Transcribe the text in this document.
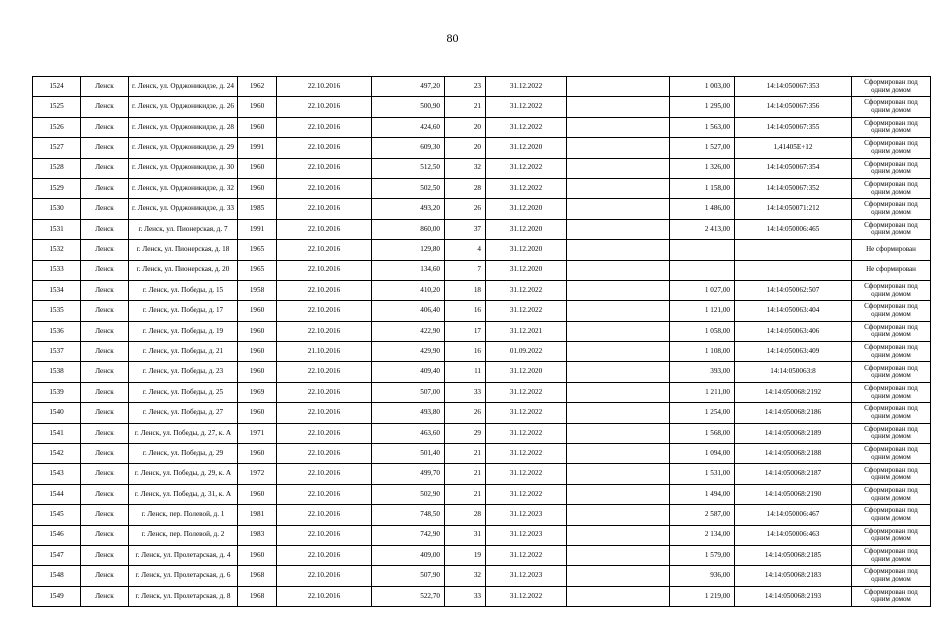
80
1524	Ленск	г. Ленск, ул. Орджоникидзе, д. 24	1962	22.10.2016	497,20	23	31.12.2022		1 003,00	14:14:050067:353	Сформирован под одним домом
1525	Ленск	г. Ленск, ул. Орджоникидзе, д. 26	1960	22.10.2016	500,90	21	31.12.2022		1 295,00	14:14:050067:356	Сформирован под одним домом
1526	Ленск	г. Ленск, ул. Орджоникидзе, д. 28	1960	22.10.2016	424,60	20	31.12.2022		1 563,00	14:14:050067:355	Сформирован под одним домом
1527	Ленск	г. Ленск, ул. Орджоникидзе, д. 29	1991	22.10.2016	609,30	20	31.12.2020		1 527,00	1,41405E+12	Сформирован под одним домом
1528	Ленск	г. Ленск, ул. Орджоникидзе, д. 30	1960	22.10.2016	512,50	32	31.12.2022		1 326,00	14:14:050067:354	Сформирован под одним домом
1529	Ленск	г. Ленск, ул. Орджоникидзе, д. 32	1960	22.10.2016	502,50	28	31.12.2022		1 158,00	14:14:050067:352	Сформирован под одним домом
1530	Ленск	г. Ленск, ул. Орджоникидзе, д. 33	1985	22.10.2016	493,20	26	31.12.2020		1 486,00	14:14:050071:212	Сформирован под одним домом
1531	Ленск	г. Ленск, ул. Пионерская, д. 7	1991	22.10.2016	860,00	37	31.12.2020		2 413,00	14:14:050006:465	Сформирован под одним домом
1532	Ленск	г. Ленск, ул. Пионерская, д. 18	1965	22.10.2016	129,80	4	31.12.2020				Не сформирован
1533	Ленск	г. Ленск, ул. Пионерская, д. 20	1965	22.10.2016	134,60	7	31.12.2020				Не сформирован
1534	Ленск	г. Ленск, ул. Победы, д. 15	1958	22.10.2016	410,20	18	31.12.2022		1 027,00	14:14:050062:507	Сформирован под одним домом
1535	Ленск	г. Ленск, ул. Победы, д. 17	1960	22.10.2016	406,40	16	31.12.2022		1 121,00	14:14:050063:404	Сформирован под одним домом
1536	Ленск	г. Ленск, ул. Победы, д. 19	1960	22.10.2016	422,90	17	31.12.2021		1 058,00	14:14:050063:406	Сформирован под одним домом
1537	Ленск	г. Ленск, ул. Победы, д. 21	1960	21.10.2016	429,90	16	01.09.2022		1 108,00	14:14:050063:409	Сформирован под одним домом
1538	Ленск	г. Ленск, ул. Победы, д. 23	1960	22.10.2016	409,40	11	31.12.2020		393,00	14:14:050063:8	Сформирован под одним домом
1539	Ленск	г. Ленск, ул. Победы, д. 25	1969	22.10.2016	507,00	33	31.12.2022		1 211,00	14:14:050068:2192	Сформирован под одним домом
1540	Ленск	г. Ленск, ул. Победы, д. 27	1960	22.10.2016	493,80	26	31.12.2022		1 254,00	14:14:050068:2186	Сформирован под одним домом
1541	Ленск	г. Ленск, ул. Победы, д. 27, к. А	1971	22.10.2016	463,60	29	31.12.2022		1 568,00	14:14:050068:2189	Сформирован под одним домом
1542	Ленск	г. Ленск, ул. Победы, д. 29	1960	22.10.2016	501,40	21	31.12.2022		1 094,00	14:14:050068:2188	Сформирован под одним домом
1543	Ленск	г. Ленск, ул. Победы, д. 29, к. А	1972	22.10.2016	499,70	21	31.12.2022		1 531,00	14:14:050068:2187	Сформирован под одним домом
1544	Ленск	г. Ленск, ул. Победы, д. 31, к. А	1960	22.10.2016	502,90	21	31.12.2022		1 494,00	14:14:050068:2190	Сформирован под одним домом
1545	Ленск	г. Ленск, пер. Полевой, д. 1	1981	22.10.2016	748,50	28	31.12.2023		2 587,00	14:14:050006:467	Сформирован под одним домом
1546	Ленск	г. Ленск, пер. Полевой, д. 2	1983	22.10.2016	742,90	31	31.12.2023		2 134,00	14:14:050006:463	Сформирован под одним домом
1547	Ленск	г. Ленск, ул. Пролетарская, д. 4	1960	22.10.2016	409,00	19	31.12.2022		1 579,00	14:14:050068:2185	Сформирован под одним домом
1548	Ленск	г. Ленск, ул. Пролетарская, д. 6	1968	22.10.2016	507,90	32	31.12.2023		936,00	14:14:050068:2183	Сформирован под одним домом
1549	Ленск	г. Ленск, ул. Пролетарская, д. 8	1968	22.10.2016	522,70	33	31.12.2022		1 219,00	14:14:050068:2193	Сформирован под одним домом
